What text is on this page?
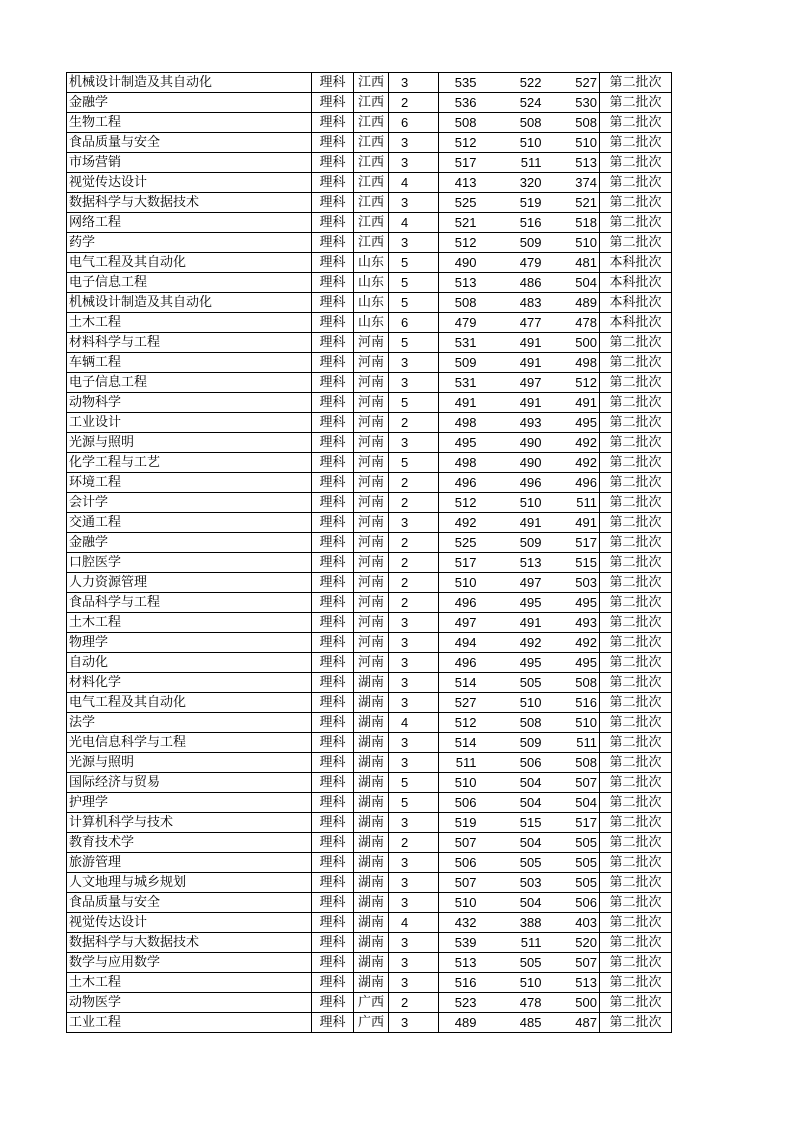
机械设计制造及其自动化	理科	江西	3	535	522	527	第二批次
金融学	理科	江西	2	536	524	530	第二批次
生物工程	理科	江西	6	508	508	508	第二批次
食品质量与安全	理科	江西	3	512	510	510	第二批次
市场营销	理科	江西	3	517	511	513	第二批次
视觉传达设计	理科	江西	4	413	320	374	第二批次
数据科学与大数据技术	理科	江西	3	525	519	521	第二批次
网络工程	理科	江西	4	521	516	518	第二批次
药学	理科	江西	3	512	509	510	第二批次
电气工程及其自动化	理科	山东	5	490	479	481	本科批次
电子信息工程	理科	山东	5	513	486	504	本科批次
机械设计制造及其自动化	理科	山东	5	508	483	489	本科批次
土木工程	理科	山东	6	479	477	478	本科批次
材料科学与工程	理科	河南	5	531	491	500	第二批次
车辆工程	理科	河南	3	509	491	498	第二批次
电子信息工程	理科	河南	3	531	497	512	第二批次
动物科学	理科	河南	5	491	491	491	第二批次
工业设计	理科	河南	2	498	493	495	第二批次
光源与照明	理科	河南	3	495	490	492	第二批次
化学工程与工艺	理科	河南	5	498	490	492	第二批次
环境工程	理科	河南	2	496	496	496	第二批次
会计学	理科	河南	2	512	510	511	第二批次
交通工程	理科	河南	3	492	491	491	第二批次
金融学	理科	河南	2	525	509	517	第二批次
口腔医学	理科	河南	2	517	513	515	第二批次
人力资源管理	理科	河南	2	510	497	503	第二批次
食品科学与工程	理科	河南	2	496	495	495	第二批次
土木工程	理科	河南	3	497	491	493	第二批次
物理学	理科	河南	3	494	492	492	第二批次
自动化	理科	河南	3	496	495	495	第二批次
材料化学	理科	湖南	3	514	505	508	第二批次
电气工程及其自动化	理科	湖南	3	527	510	516	第二批次
法学	理科	湖南	4	512	508	510	第二批次
光电信息科学与工程	理科	湖南	3	514	509	511	第二批次
光源与照明	理科	湖南	3	511	506	508	第二批次
国际经济与贸易	理科	湖南	5	510	504	507	第二批次
护理学	理科	湖南	5	506	504	504	第二批次
计算机科学与技术	理科	湖南	3	519	515	517	第二批次
教育技术学	理科	湖南	2	507	504	505	第二批次
旅游管理	理科	湖南	3	506	505	505	第二批次
人文地理与城乡规划	理科	湖南	3	507	503	505	第二批次
食品质量与安全	理科	湖南	3	510	504	506	第二批次
视觉传达设计	理科	湖南	4	432	388	403	第二批次
数据科学与大数据技术	理科	湖南	3	539	511	520	第二批次
数学与应用数学	理科	湖南	3	513	505	507	第二批次
土木工程	理科	湖南	3	516	510	513	第二批次
动物医学	理科	广西	2	523	478	500	第二批次
工业工程	理科	广西	3	489	485	487	第二批次
